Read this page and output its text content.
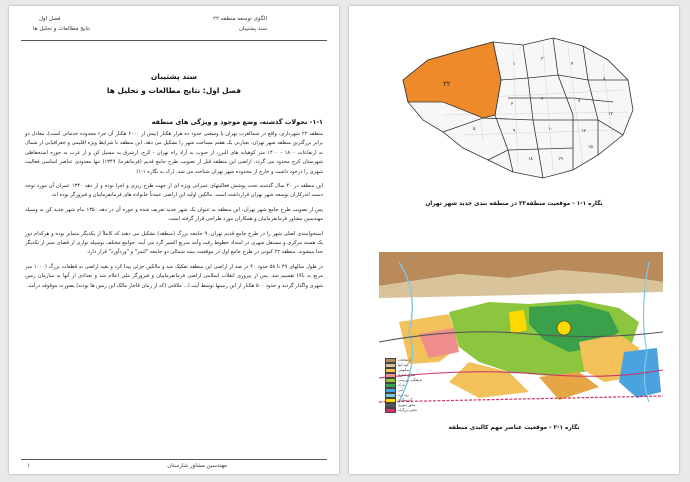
الگوی توسعه منطقه ۲۲
سند پشتیبان
فصل اول
نتایج مطالعات و تحلیل ها
سند پشتیبان
فصل اول: نتایج مطالعات و تحلیل ها
۱-۱- تحولات گذشته، وضع موجود و ویژگی های منطقه

منطقه ۲۲ شهرداری، واقع در شمالغرب تهران با وسعتی حدود ده هزار هکتار (بیش از ۶۰۰۰ هکتار آن جزء محدوده خدماتی است)، معادل دو برابر بزرگترین منطقه شهر تهران، بعبارتی یک هفتم مساحت شهر را تشکیل می دهد. این منطقه با شرایط ویژه اقلیمی و جغرافیایی از شمال به ارتفاعات ۱۸۰۰ - ۱۴۰۰ متر کوهپایه های البرز، از جنوب به آزاد راه تهران - کرج، ازشرق به مسیل کن و از غرب به حوزه استحفاظی شهرستان کرج محدود می گردد. اراضی این منطقه قبل از تصویب طرح جامع قدیم (فرمانفرما، ۱۳۴۹) تنها معدودی عناصر اساسی فعالیت شهری را درخود داشت و خارج از محدوده شهر تهران شناخته می شد. (رک به نگاره ۱-۱)

این منطقه در ۴۰ سال گذشته تحت پوشش فعالیتهای عمرانی ویژه ای از جهت طرح ریزی و اجرا بوده و از دهه ۱۳۴۰ عمران آن مورد توجه دست اندرکاران توسعه شهر تهران قرارداشته است. مالکین اولیه این اراضی عمدتاً خانواده های فرمانفرماییان و فیروزگر بوده اند.

پس از تصویب طرح جامع شهر تهران، این منطقه به عنوان یک شهر جدید تعریف شده و حوزه آن در دهه ۱۳۵۰ بنام شهر جدید کن به وسیله مهندسین مشاور فرمانفرماییان و همکاران مورد طراحی قرار گرفته است.

استخوانبندی اصلی شهر را در طرح جامع قدیم تهران، ۹ جامعه بزرگ (منطقه) تشکیل می دهند که کاملاً از یکدیگر متمایز بوده و هرکدام دور یک هسته مرکزی و مستقل شهری در امتداد خطوط رفت وآمد سریع السیر گرد می آیند. جوامع مختلف بوسیله نواری از فضای سبز از یکدیگر جدا میشوند. منطقه ۲۲ کنونی در طرح جامع اول در موقعیت نیمه شمالی دو جامعه "لتمر" و "وردآورد" قرار دارد.

در طول سالهای ۴۹ تا ۵۸ حدود ۴۰ در صد از اراضی این منطقه تفکیک شد و مالکین جزئی پیدا کرد و بقیه اراضی به قطعات بزرگ (۱۰۰۰ متر مربع به بالا) تقسیم شد. پس از پیروزی انقلاب اسلامی اراضی فرمانفرماییان و فیروزگر ملی اعلام شد و تعدادی از آنها به سازمان زمین شهری واگذار گردید و حدود ۵۰۰ هکتار از این زمینها توسط آیت ا... ملاقتی (که از زمان قاجار مالک این زمین ها بودند) بصورت موقوفه درآمد.

۱	مهندسین مشاور شارستان
۲۲
۱
۳
۴
۸
۲
۶	۷
۱۳
۵	۹	۱۰	۱۲
۱۸	۱۹
۱۵
نگاره ۱-۱ - موقعیت منطقه۲۲ در منطقه بندی جدید شهر تهران
ارتفاعات
کوه آبها
سکونتی
تجاری اداری
فرهنگی، ورزشی
پارک
آبی
رود دره
گردشگری
محور شهری
محور بزرگراه
نگاره ۱-۲ - موقعیت عناصر مهم کالبدی منطقه
